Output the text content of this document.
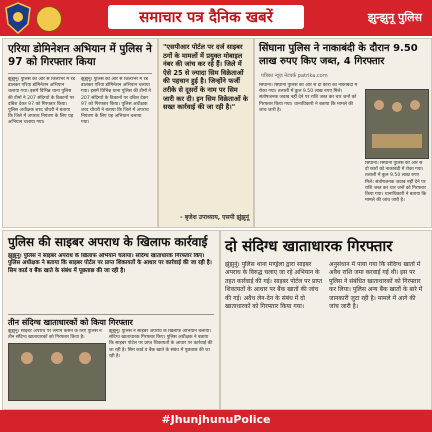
समाचार पत्र दैनिक खबरें	झुन्झुनू पुलिस
एरिया डोमिनेशन अभियान में पुलिस ने 97 को गिरफ्तार किया
झुंझुनूं। पुलिस की ओर से जिलाभर में रेड डालकर एरिया डोमिनेशन अभियान चलाया गया। इसमें विभिन्न थाना पुलिस की टीमों ने 207 संदिग्धों के ठिकानों पर दबिश देकर 97 को गिरफ्तार किया। पुलिस अधीक्षक शरद चौधरी ने बताया कि जिले में अपराध नियंत्रण के लिए यह अभियान चलाया गया।
झुंझुनूं। पुलिस की ओर से जिलाभर में रेड डालकर एरिया डोमिनेशन अभियान चलाया गया। इसमें विभिन्न थाना पुलिस की टीमों ने 207 संदिग्धों के ठिकानों पर दबिश देकर 97 को गिरफ्तार किया। पुलिस अधीक्षक शरद चौधरी ने बताया कि जिले में अपराध नियंत्रण के लिए यह अभियान चलाया गया।
"एसपीआर पोर्टल पर दर्ज साइबर ठगों के मामलों में प्रयुक्त मोबाइल नंबर की जांच कर रहे हैं। जिले में ऐसे 25 से ज्यादा सिम विक्रेताओं की पहचान हुई है। जिन्होंने फर्जी तरीके से दूसरों के नाम पर सिम जारी कर दी। इन सिम विक्रेताओं के सख्त कार्रवाई की जा रही है।"
- बृजेश उपाध्याय, एसपी झुंझुनूं
सिंघाना पुलिस ने नाकाबंदी के दौरान 9.50 लाख रुपए किए जब्त, 4 गिरफ्तार
पत्रिका न्यूज़ नेटवर्क patrika.com
सिंघाना। सिंघाना पुलिस की ओर से दो कारों को नाकाबंदी में रोका गया। तलाशी में कुल 9.50 लाख रुपए मिले। संतोषजनक जवाब नहीं देने पर राशि जब्त कर चार जनों को गिरफ्तार किया गया। थानाधिकारी ने बताया कि मामले की जांच जारी है।
सिंघाना। सिंघाना पुलिस की ओर से दो कारों को नाकाबंदी में रोका गया। तलाशी में कुल 9.50 लाख रुपए मिले। संतोषजनक जवाब नहीं देने पर राशि जब्त कर चार जनों को गिरफ्तार किया गया। थानाधिकारी ने बताया कि मामले की जांच जारी है।
पुलिस की साइबर अपराध के खिलाफ कार्रवाई
झुंझुनूं। पुलिस ने साइबर अपराध के खिलाफ अभियान चलाया। संदिग्ध खाताधारक गिरफ्तार किए। पुलिस अधीक्षक ने बताया कि साइबर पोर्टल पर प्राप्त शिकायतों के आधार पर कार्रवाई की जा रही है। सिम कार्ड व बैंक खाते के संबंध में पूछताछ की जा रही है।
तीन संदिग्ध खाताधारकों को किया गिरफ्तार
झुंझुनूं। साइबर अपराध पर लगाम कसने के लिए पुलिस ने तीन संदिग्ध खाताधारकों को गिरफ्तार किया है।
झुंझुनूं। पुलिस ने साइबर अपराध के खिलाफ अभियान चलाया। संदिग्ध खाताधारक गिरफ्तार किए। पुलिस अधीक्षक ने बताया कि साइबर पोर्टल पर प्राप्त शिकायतों के आधार पर कार्रवाई की जा रही है। सिम कार्ड व बैंक खाते के संबंध में पूछताछ की जा रही है।
दो संदिग्ध खाताधारक गिरफ्तार
झुंझुनूं। पुलिस थाना मण्ड्रेला द्वारा साइबर अपराध के विरुद्ध चलाए जा रहे अभियान के तहत कार्रवाई की गई। साइबर पोर्टल पर प्राप्त शिकायतों के आधार पर बैंक खातों की जांच की गई। अवैध लेन-देन के संबंध में दो खाताधारकों को गिरफ्तार किया गया।
अनुसंधान में पाया गया कि संदिग्ध खातों में अवैध राशि जमा करवाई गई थी। इस पर पुलिस ने संबंधित खाताधारकों को गिरफ्तार कर लिया। पुलिस अन्य बैंक खातों के बारे में जानकारी जुटा रही है। मामले में आगे की जांच जारी है।
#JhunjhunuPolice
